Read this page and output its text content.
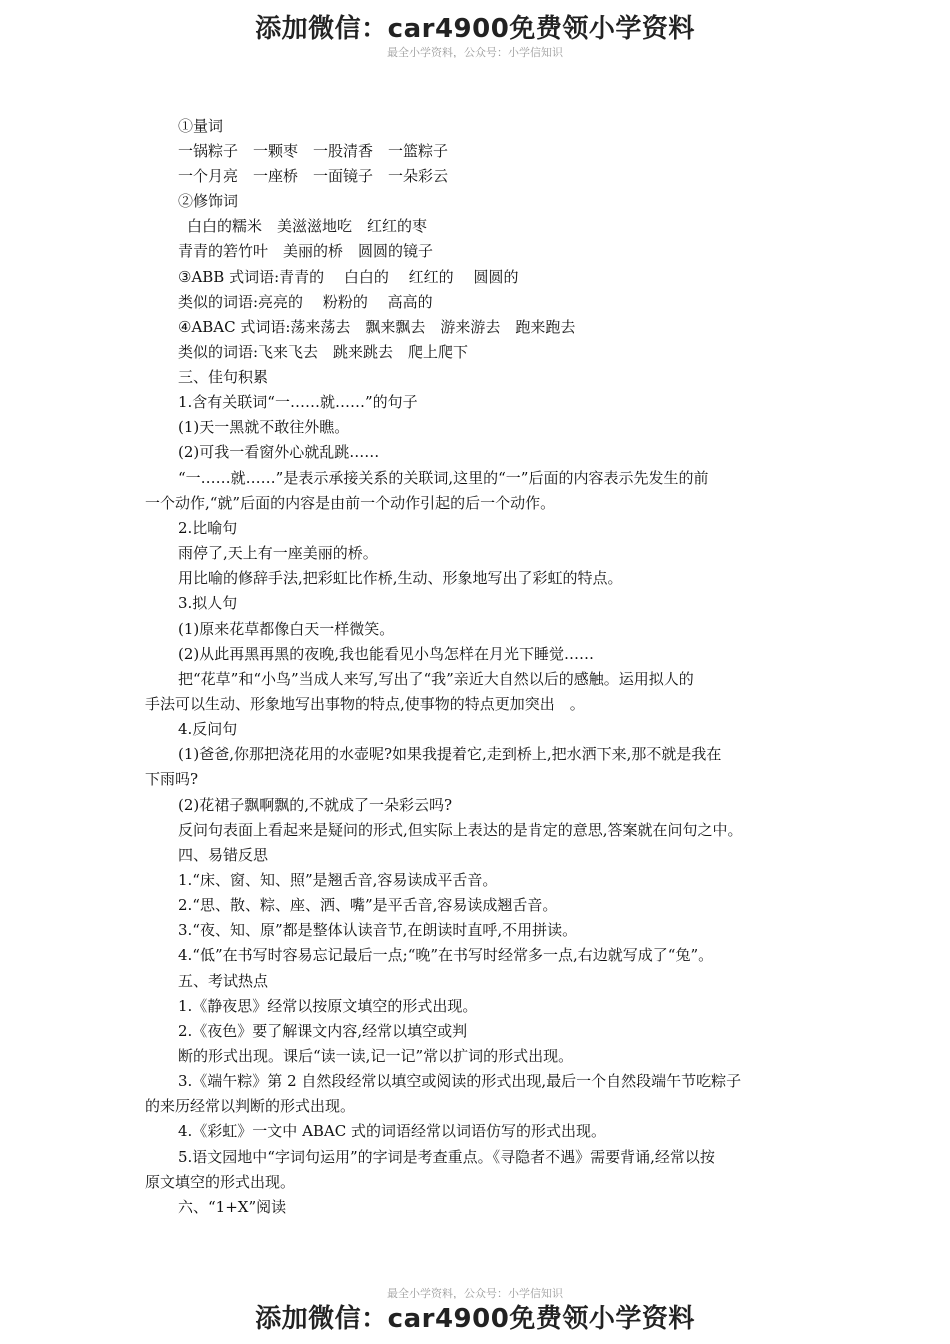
添加微信：car4900免费领小学资料
最全小学资料，公众号：小学信知识
①量词
一锅粽子　一颗枣　一股清香　一篮粽子
一个月亮　一座桥　一面镜子　一朵彩云
②修饰词
白白的糯米　美滋滋地吃　红红的枣
青青的箬竹叶　美丽的桥　圆圆的镜子
③ABB 式词语:青青的　 白白的　 红红的　 圆圆的
类似的词语:亮亮的　 粉粉的　 高高的
④ABAC 式词语:荡来荡去　飘来飘去　游来游去　跑来跑去
类似的词语:飞来飞去　跳来跳去　爬上爬下
三、佳句积累
1.含有关联词“一……就……”的句子
(1)天一黑就不敢往外瞧。
(2)可我一看窗外心就乱跳……
“一……就……”是表示承接关系的关联词,这里的“一”后面的内容表示先发生的前
一个动作,“就”后面的内容是由前一个动作引起的后一个动作。
2.比喻句
雨停了,天上有一座美丽的桥。
用比喻的修辞手法,把彩虹比作桥,生动、形象地写出了彩虹的特点。
3.拟人句
(1)原来花草都像白天一样微笑。
(2)从此再黑再黑的夜晚,我也能看见小鸟怎样在月光下睡觉……
把“花草”和“小鸟”当成人来写,写出了“我”亲近大自然以后的感触。运用拟人的
手法可以生动、形象地写出事物的特点,使事物的特点更加突出　。
4.反问句
(1)爸爸,你那把浇花用的水壶呢?如果我提着它,走到桥上,把水洒下来,那不就是我在
下雨吗?
(2)花裙子飘啊飘的,不就成了一朵彩云吗?
反问句表面上看起来是疑问的形式,但实际上表达的是肯定的意思,答案就在问句之中。
四、易错反思
1.“床、窗、知、照”是翘舌音,容易读成平舌音。
2.“思、散、粽、座、洒、嘴”是平舌音,容易读成翘舌音。
3.“夜、知、原”都是整体认读音节,在朗读时直呼,不用拼读。
4.“低”在书写时容易忘记最后一点;“晚”在书写时经常多一点,右边就写成了“兔”。
五、考试热点
1.《静夜思》经常以按原文填空的形式出现。
2.《夜色》要了解课文内容,经常以填空或判
断的形式出现。课后“读一读,记一记”常以扩词的形式出现。
3.《端午粽》第 2 自然段经常以填空或阅读的形式出现,最后一个自然段端午节吃粽子
的来历经常以判断的形式出现。
4.《彩虹》一文中 ABAC 式的词语经常以词语仿写的形式出现。
5.语文园地中“字词句运用”的字词是考查重点。《寻隐者不遇》需要背诵,经常以按
原文填空的形式出现。
六、“1+X”阅读
最全小学资料，公众号：小学信知识
添加微信：car4900免费领小学资料
